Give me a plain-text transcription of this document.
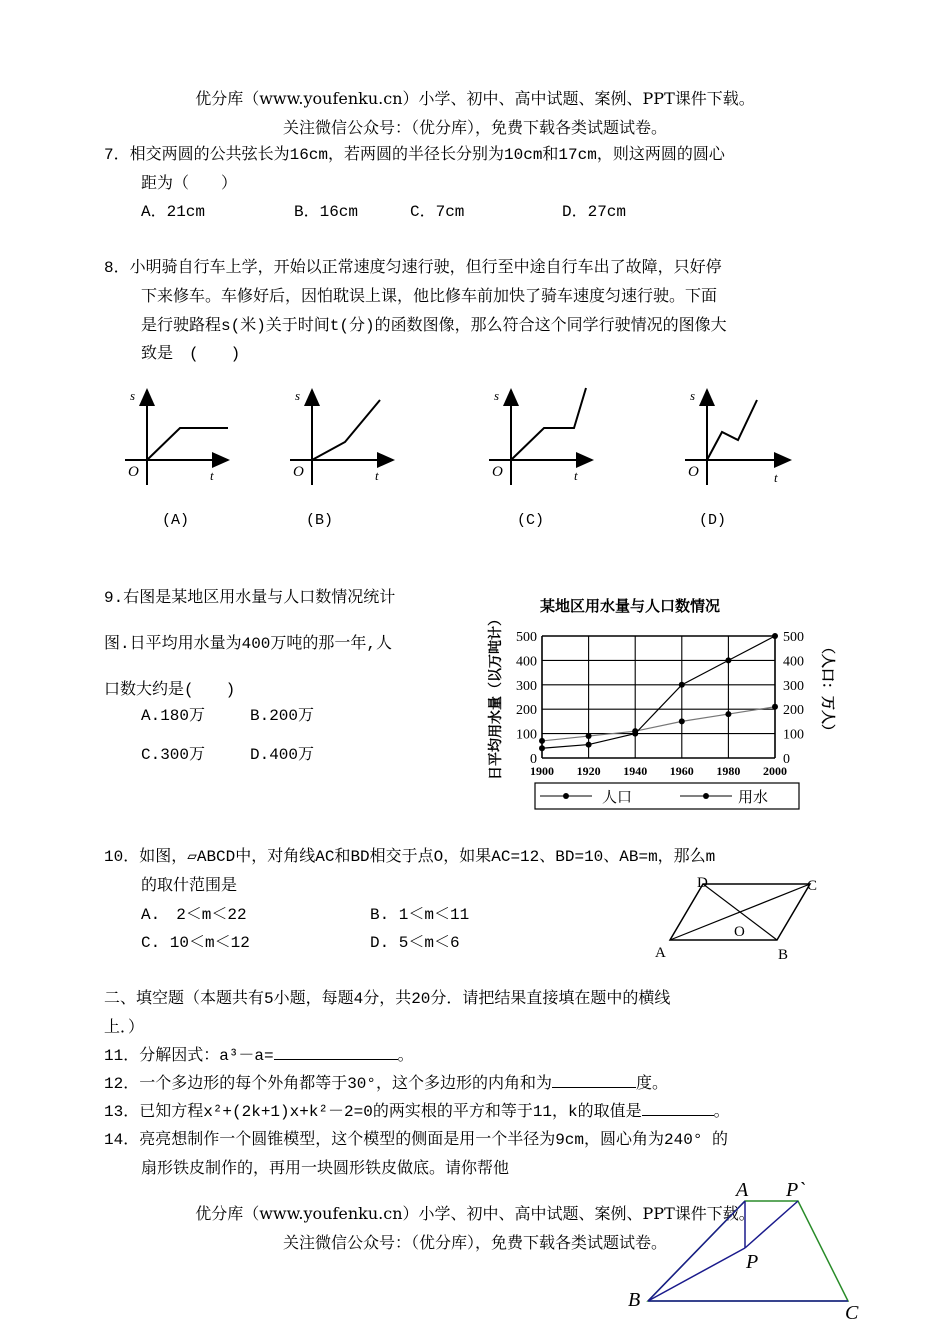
优分库（www.youfenku.cn）小学、初中、高中试题、案例、PPT课件下载。
关注微信公众号：（优分库），免费下载各类试题试卷。
7．相交两圆的公共弦长为16cm，若两圆的半径长分别为10cm和17cm，则这两圆的圆心
距为（　　）
A．21cm	B．16cm	C．7cm	D．27cm
8．小明骑自行车上学，开始以正常速度匀速行驶，但行至中途自行车出了故障，只好停
下来修车。车修好后，因怕耽误上课，他比修车前加快了骑车速度匀速行驶。下面
是行驶路程s(米)关于时间t(分)的函数图像，那么符合这个同学行驶情况的图像大
致是　(　　)
s
O	t
s
O	t
s
O	t
s
O	t
(A)	(B)	(C)	(D)
9.右图是某地区用水量与人口数情况统计
图.日平均用水量为400万吨的那一年,人
口数大约是(　　)
A.180万	B.200万
C.300万	D.400万
某地区用水量与人口数情况
日平均用水量（以万吨计）	（人口：万人）
0	0
100	100
200	200
300	300
400	400
500	500
1900 1920 1940 1960 1980 2000
人口	用水
10．如图，▱ABCD中，对角线AC和BD相交于点O，如果AC=12、BD=10、AB=m，那么m
的取什范围是
A.　2＜m＜22	B. 1＜m＜11
C. 10＜m＜12	D. 5＜m＜6
A	B
C
D
O
二、填空题（本题共有5小题，每题4分，共20分．请把结果直接填在题中的横线
上．）
11．分解因式：a³－a=	。
12．一个多边形的每个外角都等于30°，这个多边形的内角和为	度。
13．已知方程x²+(2k+1)x+k²－2=0的两实根的平方和等于11，k的取值是	。
14．亮亮想制作一个圆锥模型，这个模型的侧面是用一个半径为9cm，圆心角为240° 的
扇形铁皮制作的，再用一块圆形铁皮做底。请你帮他
优分库（www.youfenku.cn）小学、初中、高中试题、案例、PPT课件下载。
关注微信公众号：（优分库），免费下载各类试题试卷。
A P`
P
B
C
